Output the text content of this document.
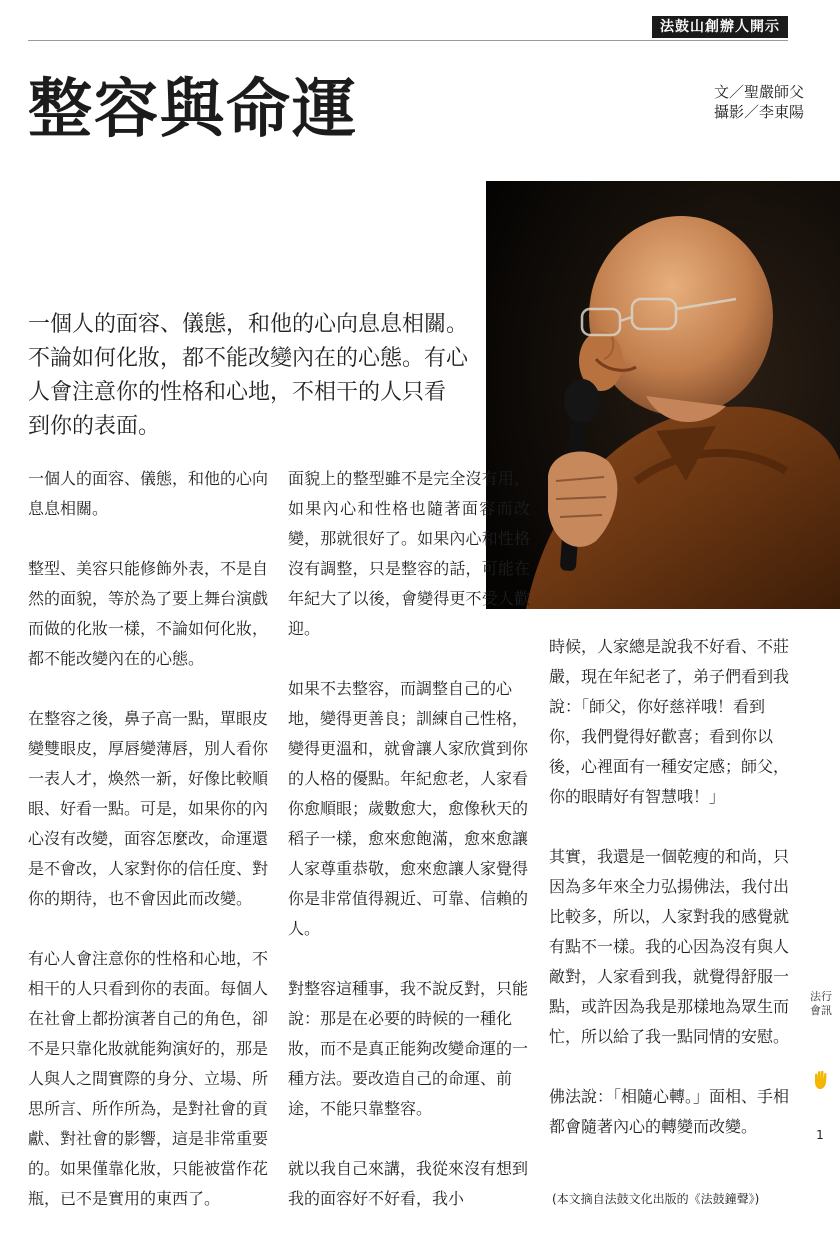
法鼓山創辦人開示
整容與命運	文／聖嚴師父
攝影／李東陽

一個人的面容、儀態，和他的心向息息相關。

不論如何化妝，都不能改變內在的心態。有心

人會注意你的性格和心地，不相干的人只看

到你的表面。

一個人的面容、儀態，和他的心向息息相關。

整型、美容只能修飾外表，不是自然的面貌，等於為了要上舞台演戲而做的化妝一樣，不論如何化妝，都不能改變內在的心態。

在整容之後，鼻子高一點，單眼皮變雙眼皮，厚唇變薄唇，別人看你一表人才，煥然一新，好像比較順眼、好看一點。可是，如果你的內心沒有改變，面容怎麼改，命運還是不會改，人家對你的信任度、對你的期待，也不會因此而改變。

有心人會注意你的性格和心地，不相干的人只看到你的表面。每個人在社會上都扮演著自己的角色，卻不是只靠化妝就能夠演好的，那是人與人之間實際的身分、立場、所思所言、所作所為，是對社會的貢獻、對社會的影響，這是非常重要的。如果僅靠化妝，只能被當作花瓶，已不是實用的東西了。

面貌上的整型雖不是完全沒有用，如果內心和性格也隨著面容而改變，那就很好了。如果內心和性格沒有調整，只是整容的話，可能在年紀大了以後，會變得更不受人歡迎。

如果不去整容，而調整自己的心地，變得更善良；訓練自己性格，變得更溫和，就會讓人家欣賞到你的人格的優點。年紀愈老，人家看你愈順眼；歲數愈大，愈像秋天的稻子一樣，愈來愈飽滿，愈來愈讓人家尊重恭敬，愈來愈讓人家覺得你是非常值得親近、可靠、信賴的人。

對整容這種事，我不說反對，只能說：那是在必要的時候的一種化妝，而不是真正能夠改變命運的一種方法。要改造自己的命運、前途，不能只靠整容。

就以我自己來講，我從來沒有想到我的面容好不好看，我小

時候，人家總是說我不好看、不莊嚴，現在年紀老了，弟子們看到我說：「師父，你好慈祥哦！看到你，我們覺得好歡喜；看到你以後，心裡面有一種安定感；師父，你的眼睛好有智慧哦！」

其實，我還是一個乾瘦的和尚，只因為多年來全力弘揚佛法，我付出比較多，所以，人家對我的感覺就有點不一樣。我的心因為沒有與人敵對，人家看到我，就覺得舒服一點，或許因為我是那樣地為眾生而忙，所以給了我一點同情的安慰。

佛法說：「相隨心轉。」面相、手相都會隨著內心的轉變而改變。

(本文摘自法鼓文化出版的《法鼓鐘聲》)
法行會訊
1
